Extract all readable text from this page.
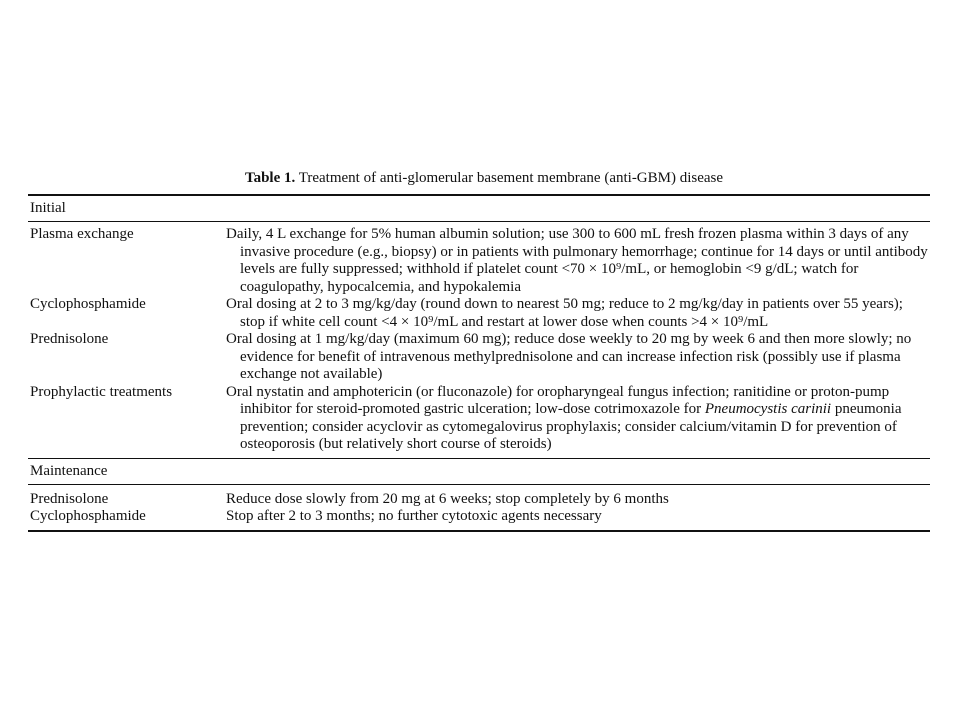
Table 1. Treatment of anti-glomerular basement membrane (anti-GBM) disease
Initial
Plasma exchange	Daily, 4 L exchange for 5% human albumin solution; use 300 to 600 mL fresh frozen plasma within 3 days of any invasive procedure (e.g., biopsy) or in patients with pulmonary hemorrhage; continue for 14 days or until antibody levels are fully suppressed; withhold if platelet count <70 × 10⁹/mL, or hemoglobin <9 g/dL; watch for coagulopathy, hypocalcemia, and hypokalemia
Cyclophosphamide	Oral dosing at 2 to 3 mg/kg/day (round down to nearest 50 mg; reduce to 2 mg/kg/day in patients over 55 years); stop if white cell count <4 × 10⁹/mL and restart at lower dose when counts >4 × 10⁹/mL
Prednisolone	Oral dosing at 1 mg/kg/day (maximum 60 mg); reduce dose weekly to 20 mg by week 6 and then more slowly; no evidence for benefit of intravenous methylprednisolone and can increase infection risk (possibly use if plasma exchange not available)
Prophylactic treatments	Oral nystatin and amphotericin (or fluconazole) for oropharyngeal fungus infection; ranitidine or proton-pump inhibitor for steroid-promoted gastric ulceration; low-dose cotrimoxazole for Pneumocystis carinii pneumonia prevention; consider acyclovir as cytomegalovirus prophylaxis; consider calcium/vitamin D for prevention of osteoporosis (but relatively short course of steroids)
Maintenance
Prednisolone	Reduce dose slowly from 20 mg at 6 weeks; stop completely by 6 months
Cyclophosphamide	Stop after 2 to 3 months; no further cytotoxic agents necessary
